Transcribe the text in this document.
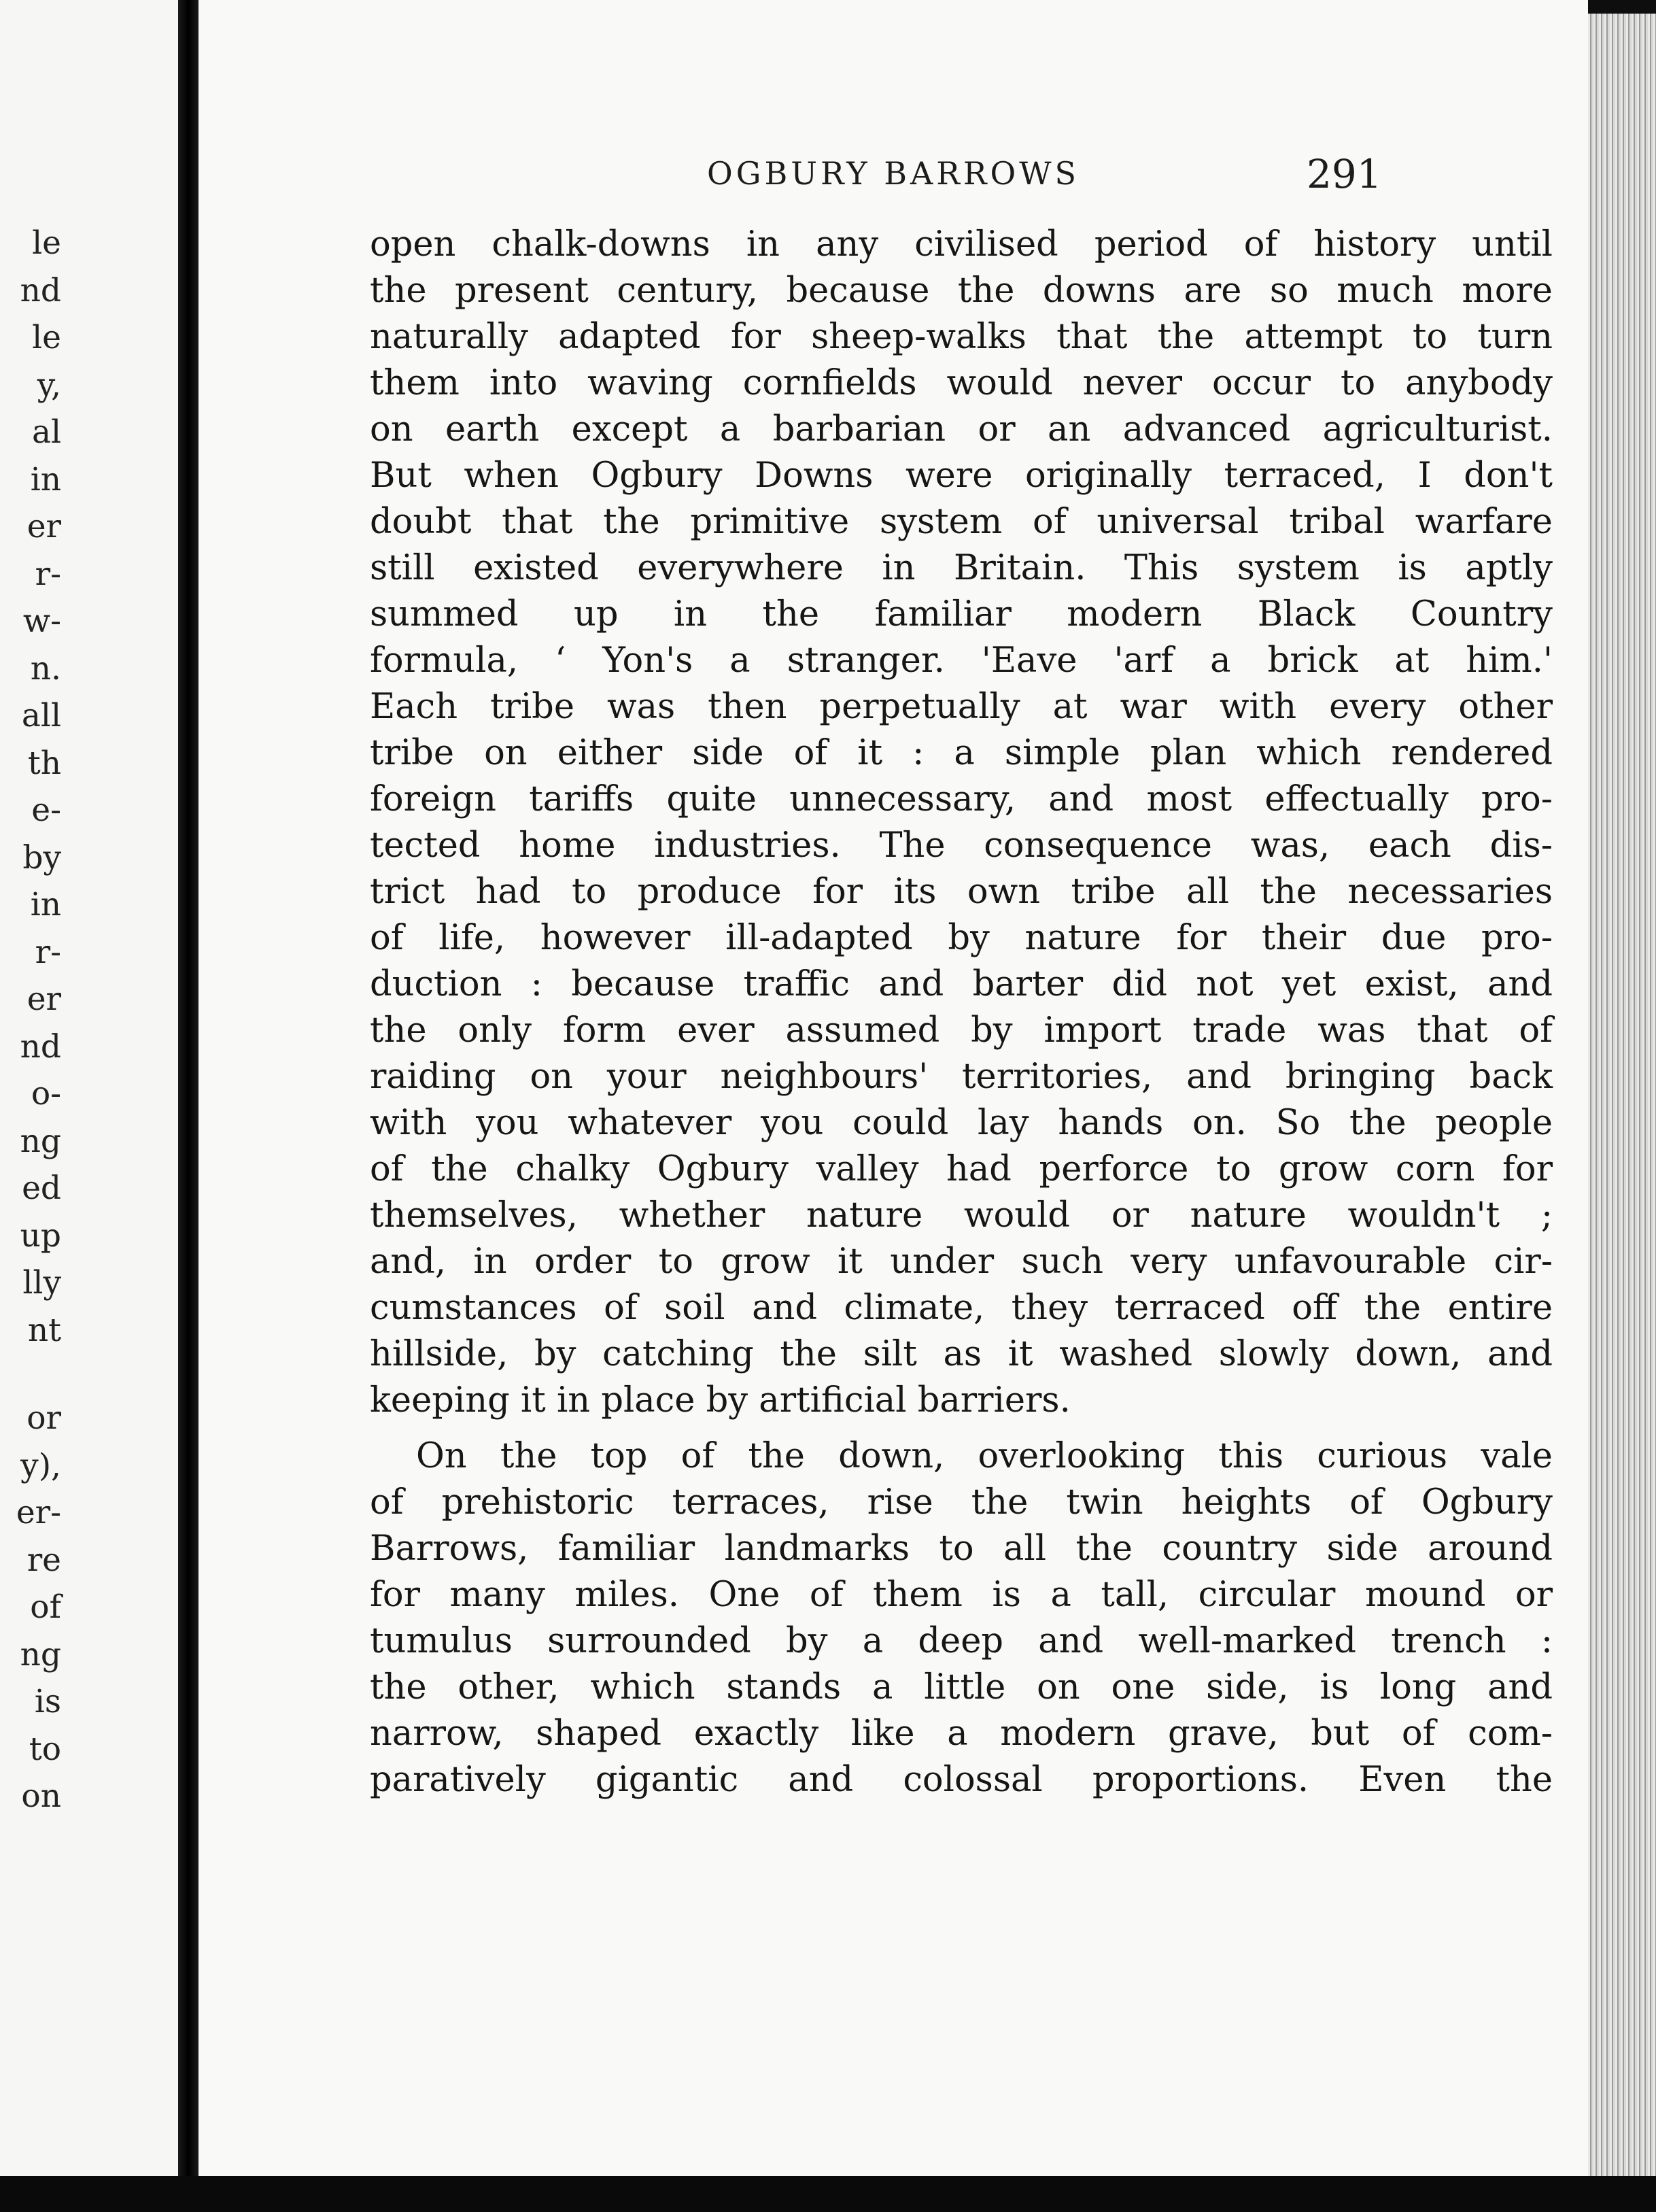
le
nd
le
y,
al
in
er
r-
w-
n.
all
th
e-
by
in
r-
er
nd
o-
ng
ed
up
lly
nt
or
y),
er-
re
of
ng
is
to
on
OGBURY BARROWS	291
open chalk-downs in any civilised period of history until
the present century, because the downs are so much more
naturally adapted for sheep-walks that the attempt to turn
them into waving cornfields would never occur to anybody
on earth except a barbarian or an advanced agriculturist.
But when Ogbury Downs were originally terraced, I don't
doubt that the primitive system of universal tribal warfare
still existed everywhere in Britain. This system is aptly
summed up in the familiar modern Black Country
formula, ‘ Yon's a stranger. 'Eave 'arf a brick at him.'
Each tribe was then perpetually at war with every other
tribe on either side of it : a simple plan which rendered
foreign tariffs quite unnecessary, and most effectually pro-
tected home industries. The consequence was, each dis-
trict had to produce for its own tribe all the necessaries
of life, however ill-adapted by nature for their due pro-
duction : because traffic and barter did not yet exist, and
the only form ever assumed by import trade was that of
raiding on your neighbours' territories, and bringing back
with you whatever you could lay hands on. So the people
of the chalky Ogbury valley had perforce to grow corn for
themselves, whether nature would or nature wouldn't ;
and, in order to grow it under such very unfavourable cir-
cumstances of soil and climate, they terraced off the entire
hillside, by catching the silt as it washed slowly down, and
keeping it in place by artificial barriers.
On the top of the down, overlooking this curious vale
of prehistoric terraces, rise the twin heights of Ogbury
Barrows, familiar landmarks to all the country side around
for many miles. One of them is a tall, circular mound or
tumulus surrounded by a deep and well-marked trench :
the other, which stands a little on one side, is long and
narrow, shaped exactly like a modern grave, but of com-
paratively gigantic and colossal proportions. Even the
